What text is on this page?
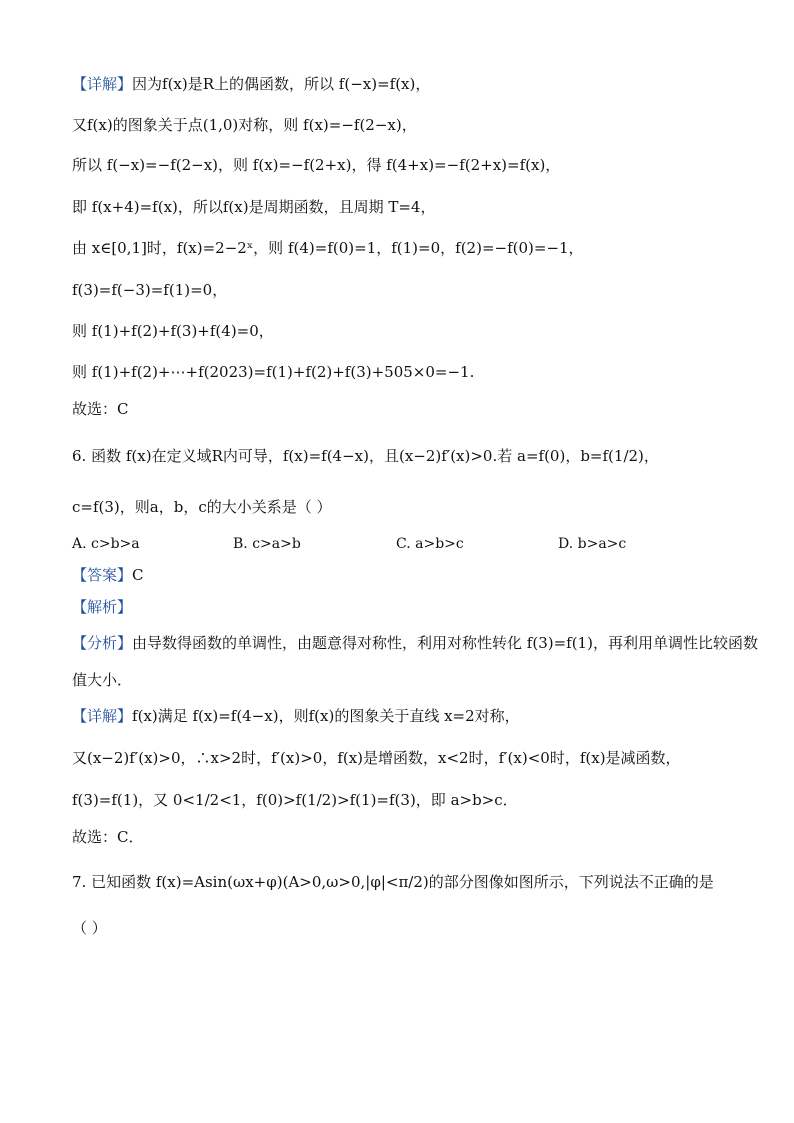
【详解】因为f(x)是R上的偶函数，所以 f(−x)=f(x)，
又f(x)的图象关于点(1,0)对称，则 f(x)=−f(2−x)，
所以 f(−x)=−f(2−x)，则 f(x)=−f(2+x)，得 f(4+x)=−f(2+x)=f(x)，
即 f(x+4)=f(x)，所以f(x)是周期函数，且周期 T=4，
由 x∈[0,1]时，f(x)=2−2ˣ，则 f(4)=f(0)=1，f(1)=0，f(2)=−f(0)=−1，
f(3)=f(−3)=f(1)=0，
则 f(1)+f(2)+f(3)+f(4)=0，
则 f(1)+f(2)+⋯+f(2023)=f(1)+f(2)+f(3)+505×0=−1.
故选：C
6. 函数 f(x)在定义域R内可导，f(x)=f(4−x)，且(x−2)f′(x)>0.若 a=f(0)，b=f(1/2)，
c=f(3)，则a，b，c的大小关系是（ ）
A. c>b>a	B. c>a>b	C. a>b>c	D. b>a>c
【答案】C
【解析】
【分析】由导数得函数的单调性，由题意得对称性，利用对称性转化 f(3)=f(1)，再利用单调性比较函数
值大小．
【详解】f(x)满足 f(x)=f(4−x)，则f(x)的图象关于直线 x=2对称，
又(x−2)f′(x)>0，∴x>2时，f′(x)>0，f(x)是增函数，x<2时，f′(x)<0时，f(x)是减函数，
f(3)=f(1)，又 0<1/2<1，f(0)>f(1/2)>f(1)=f(3)，即 a>b>c．
故选：C．
7. 已知函数 f(x)=Asin(ωx+φ)(A>0,ω>0,|φ|<π/2)的部分图像如图所示，下列说法不正确的是
（ ）
